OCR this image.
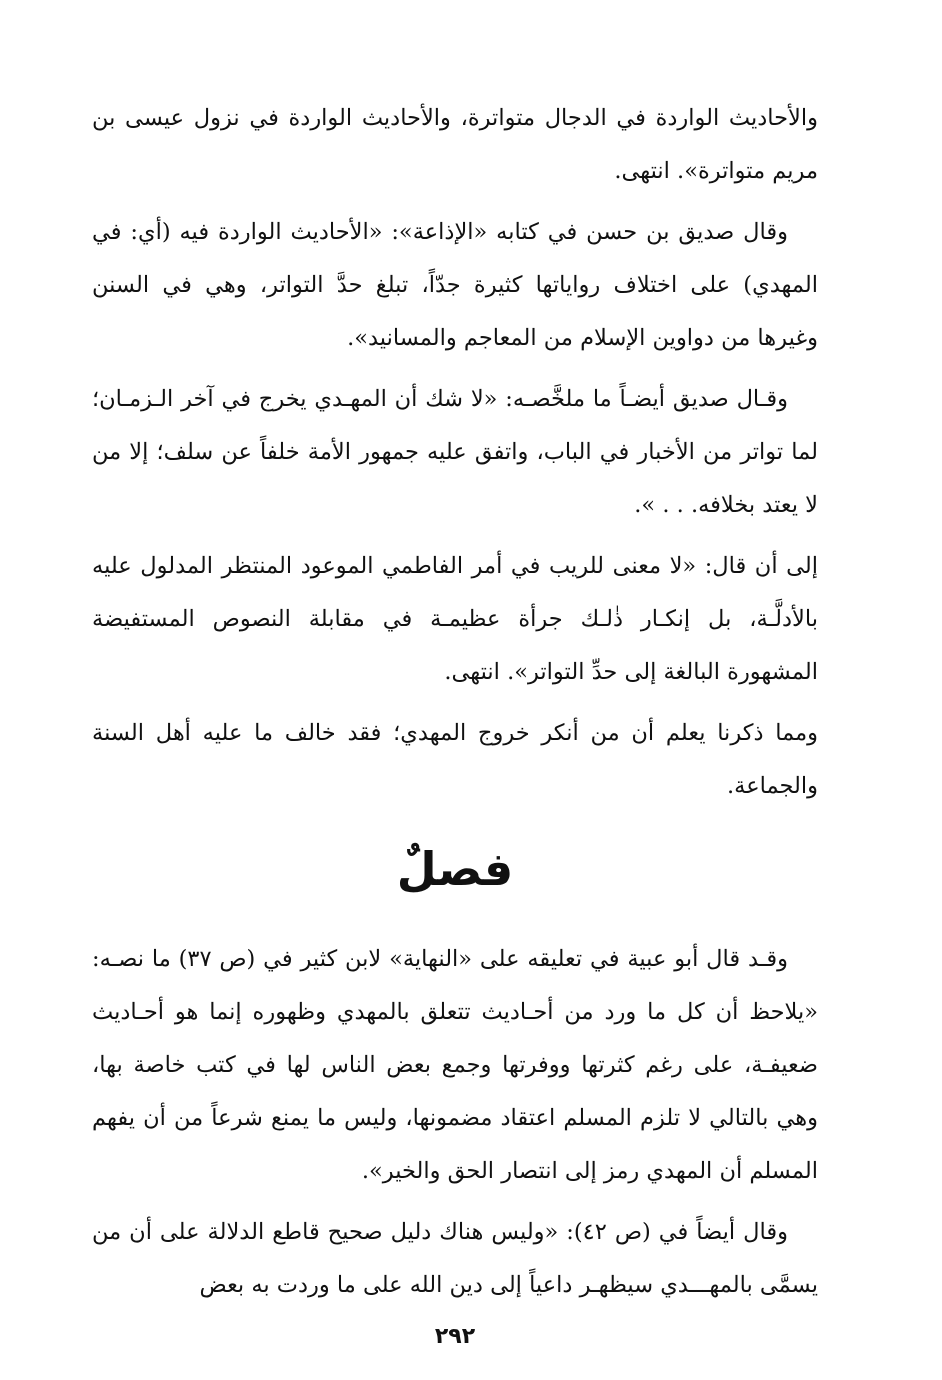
والأحاديث الواردة في الدجال متواترة، والأحاديث الواردة في نزول عيسى بن مريم متواترة». انتهى.

وقال صديق بن حسن في كتابه «الإذاعة»: «الأحاديث الواردة فيه (أي: في المهدي) على اختلاف رواياتها كثيرة جدّاً، تبلغ حدَّ التواتر، وهي في السنن وغيرها من دواوين الإسلام من المعاجم والمسانيد».

وقـال صديق أيضـاً ما ملخَّصـه: «لا شك أن المهـدي يخرج في آخر الـزمـان؛ لما تواتر من الأخبار في الباب، واتفق عليه جمهور الأمة خلفاً عن سلف؛ إلا من لا يعتد بخلافه. . . ».

إلى أن قال: «لا معنى للريب في أمر الفاطمي الموعود المنتظر المدلول عليه بالأدلَّـة، بل إنكـار ذٰلـك جرأة عظيمـة في مقابلة النصوص المستفيضة المشهورة البالغة إلى حدِّ التواتر». انتهى.

ومما ذكرنا يعلم أن من أنكر خروج المهدي؛ فقد خالف ما عليه أهل السنة والجماعة.

فصلٌ

وقـد قال أبو عبية في تعليقه على «النهاية» لابن كثير في (ص ٣٧) ما نصـه: «يلاحظ أن كل ما ورد من أحـاديث تتعلق بالمهدي وظهوره إنما هو أحـاديث ضعيفـة، على رغم كثرتها ووفرتها وجمع بعض الناس لها في كتب خاصة بها، وهي بالتالي لا تلزم المسلم اعتقاد مضمونها، وليس ما يمنع شرعاً من أن يفهم المسلم أن المهدي رمز إلى انتصار الحق والخير».

وقال أيضاً في (ص ٤٢): «وليس هناك دليل صحيح قاطع الدلالة على أن من يسمَّى بالمهـــدي سيظهـر داعياً إلى دين الله على ما وردت به بعض

٢٩٢
